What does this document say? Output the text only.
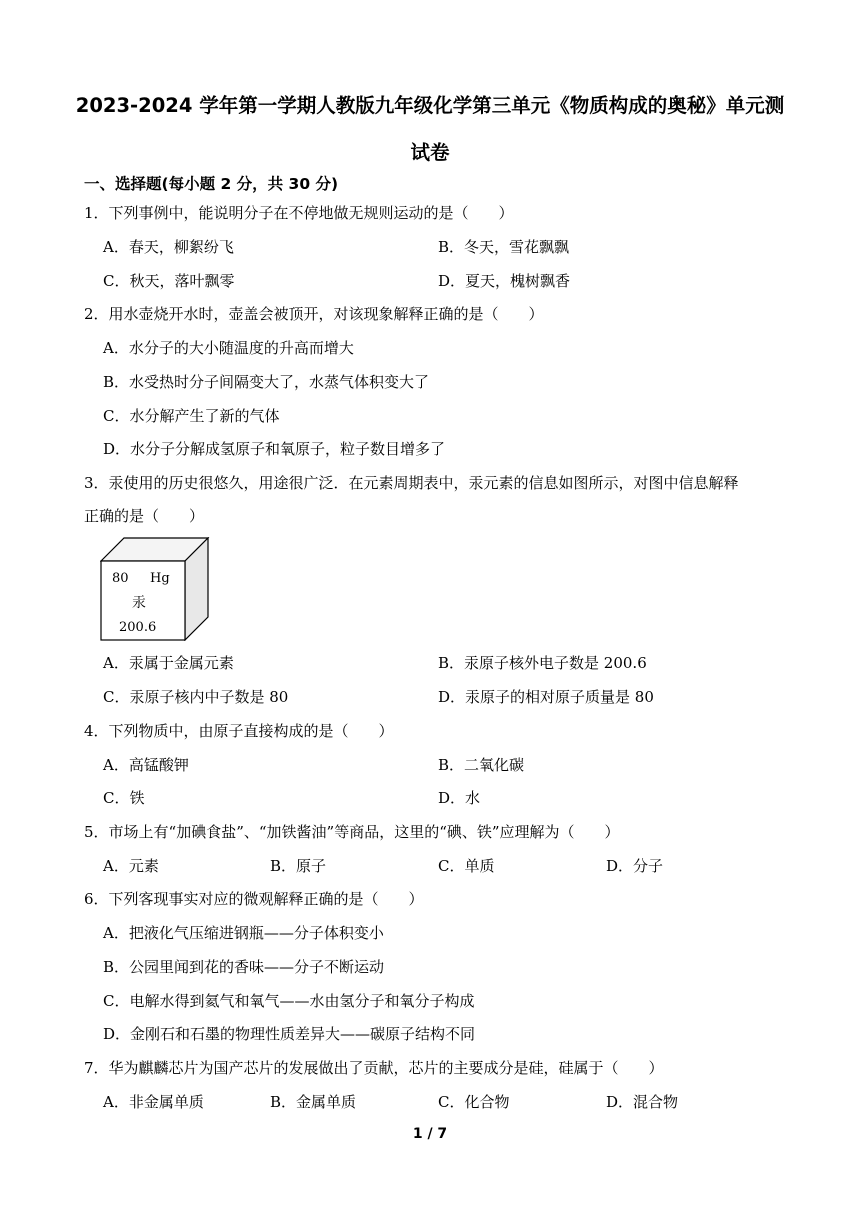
2023-2024 学年第一学期人教版九年级化学第三单元《物质构成的奥秘》单元测
试卷
一、选择题(每小题 2 分，共 30 分)
1．下列事例中，能说明分子在不停地做无规则运动的是（　　）
A．春天，柳絮纷飞	B．冬天，雪花飘飘
C．秋天，落叶飘零	D．夏天，槐树飘香
2．用水壶烧开水时，壶盖会被顶开，对该现象解释正确的是（　　）
A．水分子的大小随温度的升高而增大
B．水受热时分子间隔变大了，水蒸气体积变大了
C．水分解产生了新的气体
D．水分子分解成氢原子和氧原子，粒子数目增多了
3．汞使用的历史很悠久，用途很广泛．在元素周期表中，汞元素的信息如图所示，对图中信息解释
正确的是（　　）
80 Hg
汞
200.6
A．汞属于金属元素	B．汞原子核外电子数是 200.6
C．汞原子核内中子数是 80	D．汞原子的相对原子质量是 80
4．下列物质中，由原子直接构成的是（　　）
A．高锰酸钾	B．二氧化碳
C．铁	D．水
5．市场上有“加碘食盐”、“加铁酱油”等商品，这里的“碘、铁”应理解为（　　）
A．元素	B．原子	C．单质	D．分子
6．下列客现事实对应的微观解释正确的是（　　）
A．把液化气压缩进钢瓶——分子体积变小
B．公园里闻到花的香味——分子不断运动
C．电解水得到氦气和氧气——水由氢分子和氧分子构成
D．金刚石和石墨的物理性质差异大——碳原子结构不同
7．华为麒麟芯片为国产芯片的发展做出了贡献，芯片的主要成分是硅，硅属于（　　）
A．非金属单质	B．金属单质	C．化合物	D．混合物
1 / 7
